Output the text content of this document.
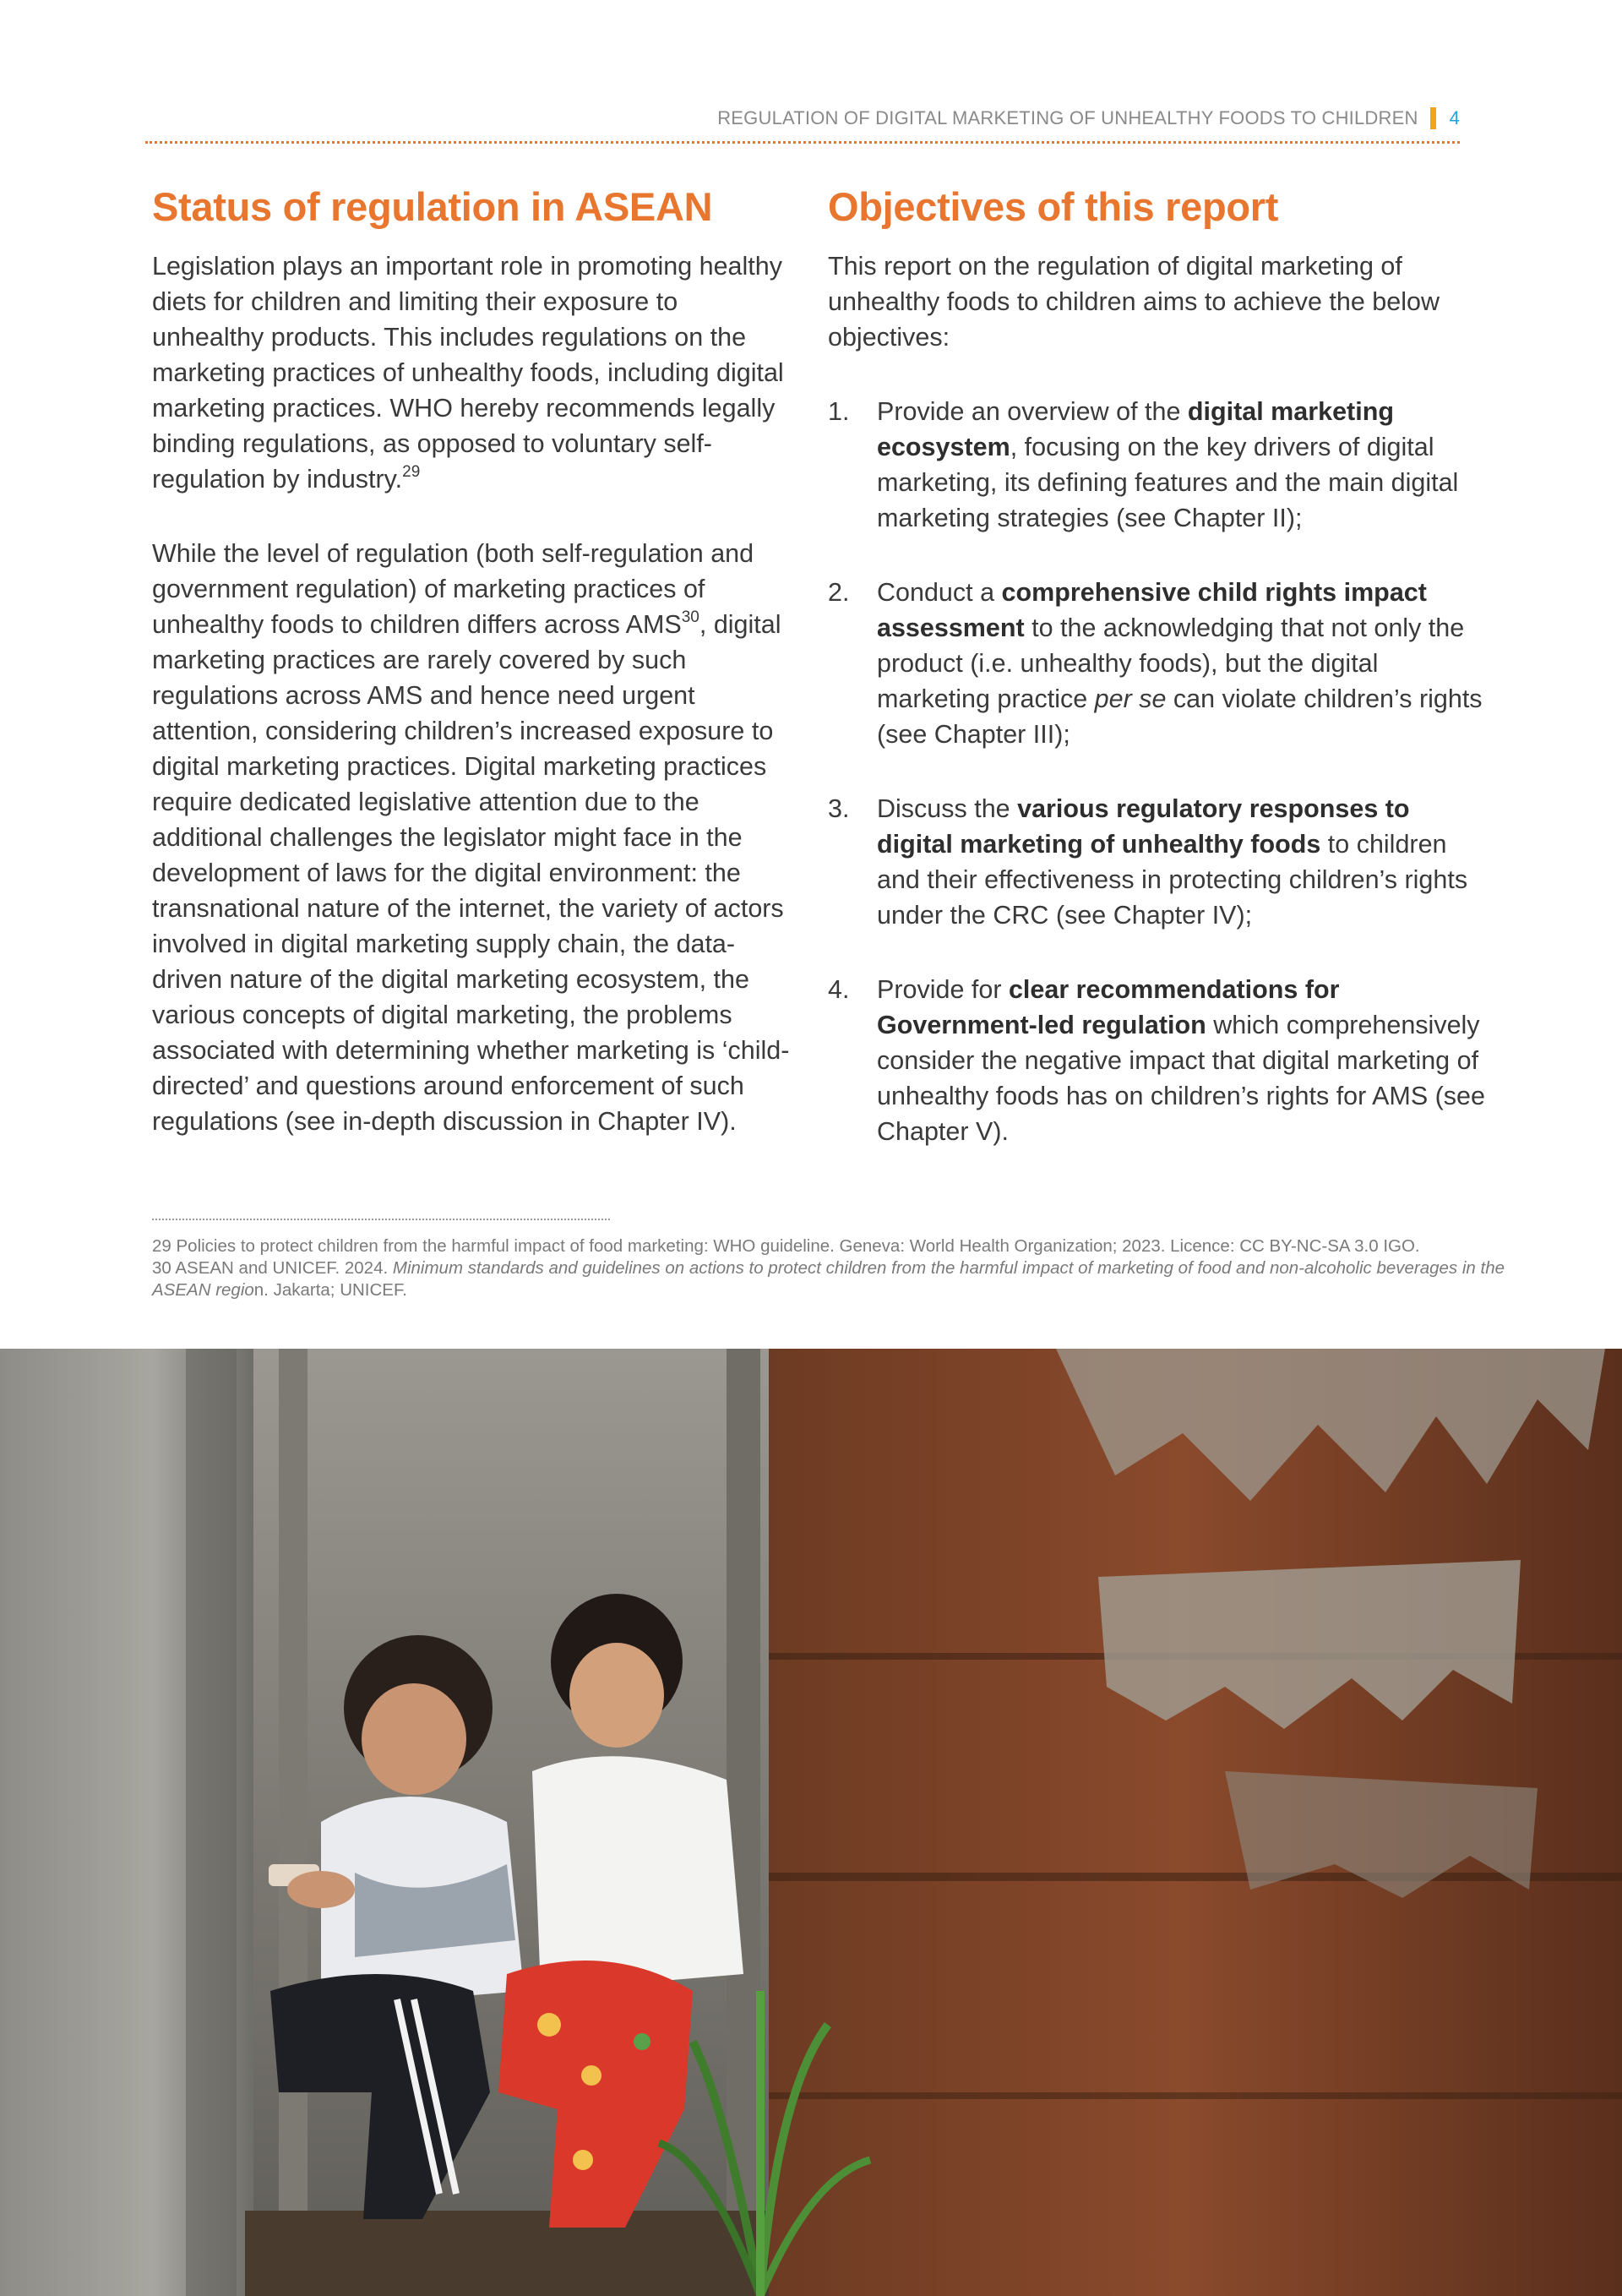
REGULATION OF DIGITAL MARKETING OF UNHEALTHY FOODS TO CHILDREN 4
Status of regulation in ASEAN

Legislation plays an important role in promoting healthy diets for children and limiting their exposure to unhealthy products. This includes regulations on the marketing practices of unhealthy foods, including digital marketing practices. WHO hereby recommends legally binding regulations, as opposed to voluntary self-regulation by industry.$^{29}$

While the level of regulation (both self-regulation and government regulation) of marketing practices of unhealthy foods to children differs across AMS$^{30}$, digital marketing practices are rarely covered by such regulations across AMS and hence need urgent attention, considering children’s increased exposure to digital marketing practices. Digital marketing practices require dedicated legislative attention due to the additional challenges the legislator might face in the development of laws for the digital environment: the transnational nature of the internet, the variety of actors involved in digital marketing supply chain, the data-driven nature of the digital marketing ecosystem, the various concepts of digital marketing, the problems associated with determining whether marketing is ‘child-directed’ and questions around enforcement of such regulations (see in-depth discussion in Chapter IV).

Objectives of this report

This report on the regulation of digital marketing of unhealthy foods to children aims to achieve the below objectives:

1. Provide an overview of the digital marketing ecosystem, focusing on the key drivers of digital marketing, its defining features and the main digital marketing strategies (see Chapter II);
2. Conduct a comprehensive child rights impact assessment to the acknowledging that not only the product (i.e. unhealthy foods), but the digital marketing practice per se can violate children’s rights (see Chapter III);
3. Discuss the various regulatory responses to digital marketing of unhealthy foods to children and their effectiveness in protecting children’s rights under the CRC (see Chapter IV);
4. Provide for clear recommendations for Government-led regulation which comprehensively consider the negative impact that digital marketing of unhealthy foods has on children’s rights for AMS (see Chapter V).
29 Policies to protect children from the harmful impact of food marketing: WHO guideline. Geneva: World Health Organization; 2023. Licence: CC BY-NC-SA 3.0 IGO.
30 ASEAN and UNICEF. 2024. Minimum standards and guidelines on actions to protect children from the harmful impact of marketing of food and non-alcoholic beverages in the ASEAN region. Jakarta; UNICEF.
